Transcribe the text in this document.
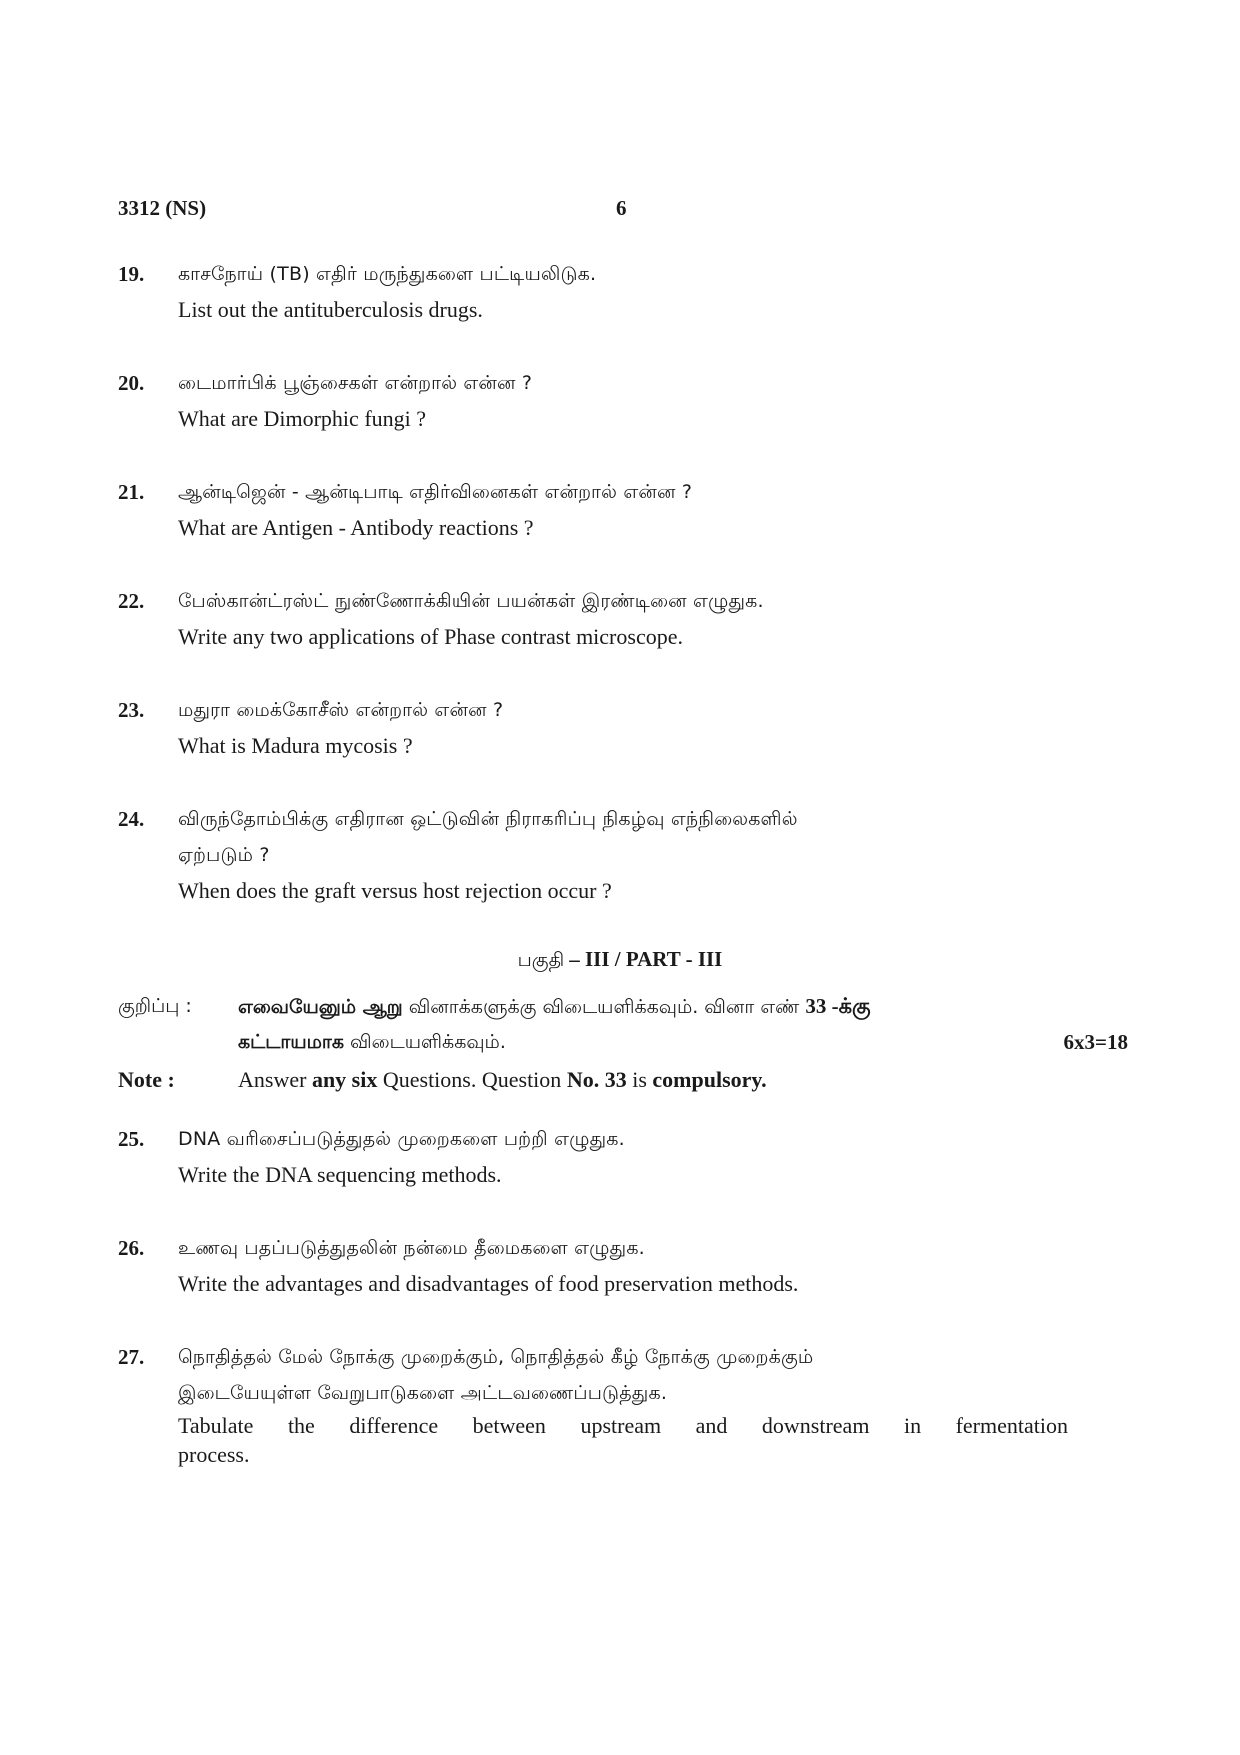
3312 (NS)	6
19. காசநோய் (TB) எதிர் மருந்துகளை பட்டியலிடுக.
List out the antituberculosis drugs.
20. டைமார்பிக் பூஞ்சைகள் என்றால் என்ன ?
What are Dimorphic fungi ?
21. ஆன்டிஜென் - ஆன்டிபாடி எதிர்வினைகள் என்றால் என்ன ?
What are Antigen - Antibody reactions ?
22. பேஸ்கான்ட்ரஸ்ட் நுண்ணோக்கியின் பயன்கள் இரண்டினை எழுதுக.
Write any two applications of Phase contrast microscope.
23. மதுரா மைக்கோசீஸ் என்றால் என்ன ?
What is Madura mycosis ?
24. விருந்தோம்பிக்கு எதிரான ஒட்டுவின் நிராகரிப்பு நிகழ்வு எந்நிலைகளில்
ஏற்படும் ?
When does the graft versus host rejection occur ?
பகுதி – III / PART - III
குறிப்பு : எவையேனும் ஆறு வினாக்களுக்கு விடையளிக்கவும். வினா எண் 33 -க்கு
கட்டாயமாக விடையளிக்கவும்.	6x3=18
Note :	Answer any six Questions. Question No. 33 is compulsory.
25. DNA வரிசைப்படுத்துதல் முறைகளை பற்றி எழுதுக.
Write the DNA sequencing methods.
26. உணவு பதப்படுத்துதலின் நன்மை தீமைகளை எழுதுக.
Write the advantages and disadvantages of food preservation methods.
27. நொதித்தல் மேல் நோக்கு முறைக்கும், நொதித்தல் கீழ் நோக்கு முறைக்கும்
இடையேயுள்ள வேறுபாடுகளை அட்டவணைப்படுத்துக.
Tabulate the difference between upstream and downstream in fermentation
process.
